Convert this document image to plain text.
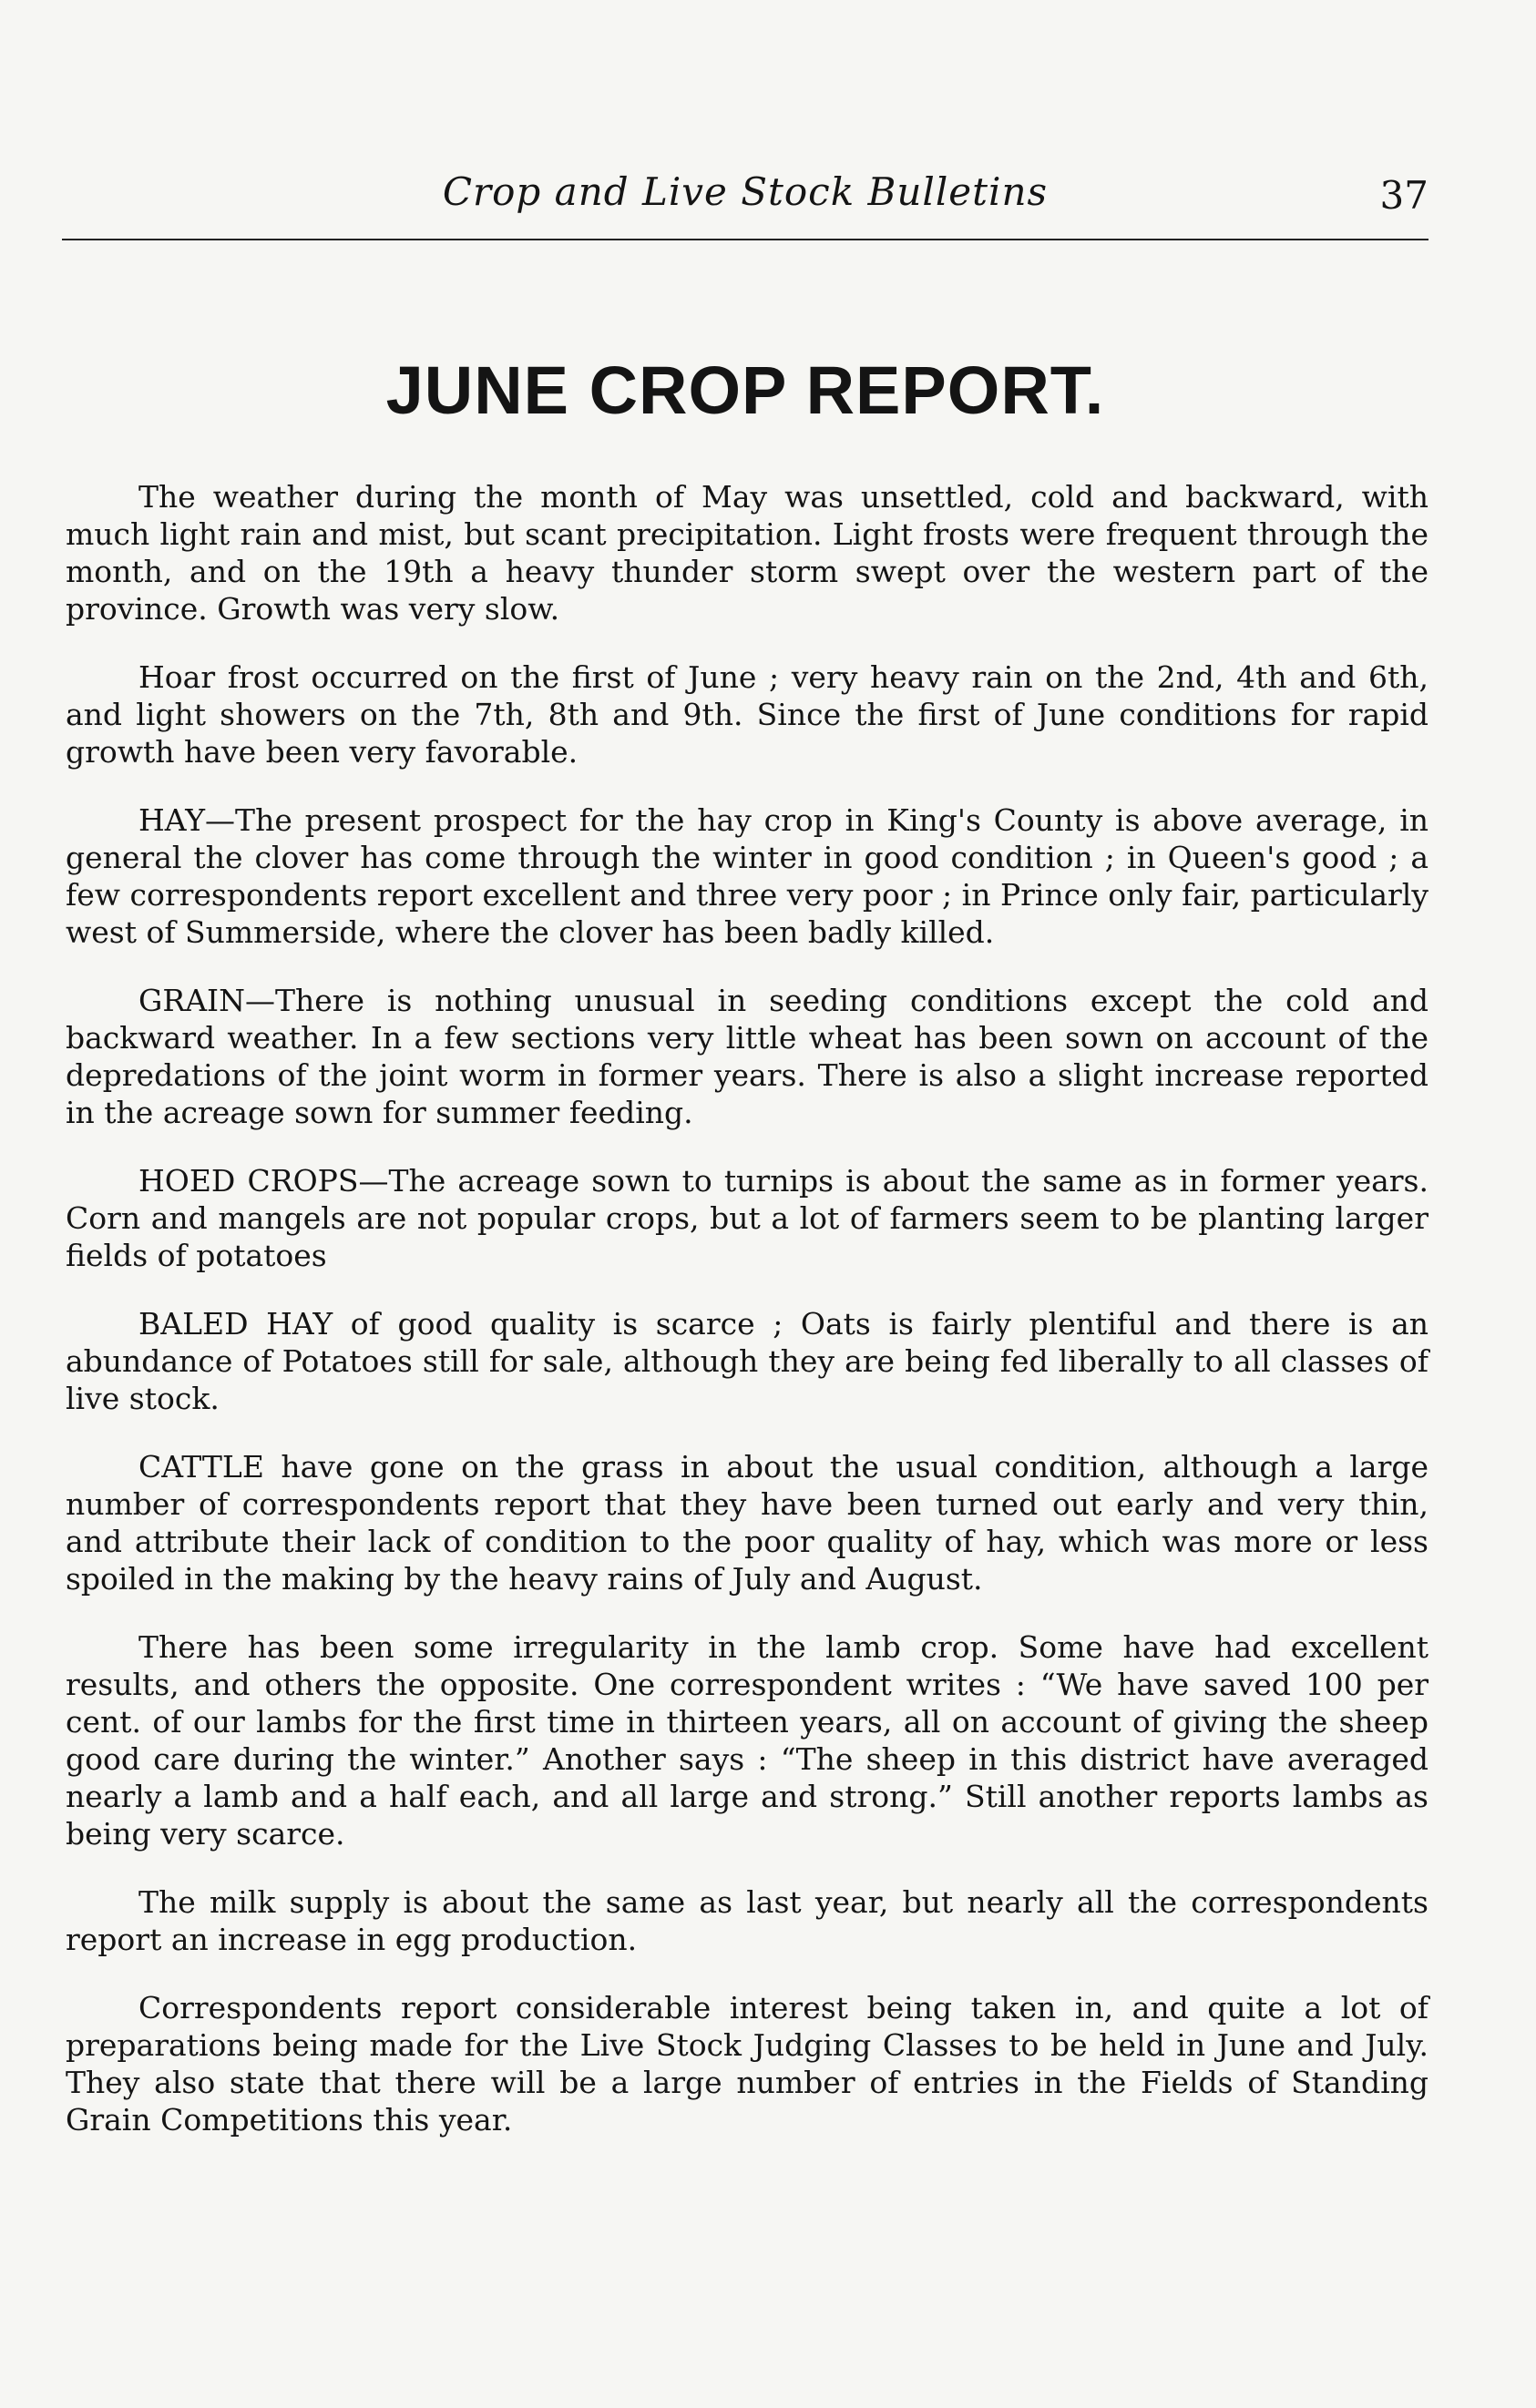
Crop and Live Stock Bulletins	37
JUNE CROP REPORT.

The weather during the month of May was unsettled, cold and backward, with much light rain and mist, but scant precipitation. Light frosts were frequent through the month, and on the 19th a heavy thunder storm swept over the western part of the province. Growth was very slow.

Hoar frost occurred on the first of June ; very heavy rain on the 2nd, 4th and 6th, and light showers on the 7th, 8th and 9th. Since the first of June conditions for rapid growth have been very favorable.

HAY—The present prospect for the hay crop in King's County is above average, in general the clover has come through the winter in good condition ; in Queen's good ; a few correspondents report excellent and three very poor ; in Prince only fair, particularly west of Summerside, where the clover has been badly killed.

GRAIN—There is nothing unusual in seeding conditions except the cold and backward weather. In a few sections very little wheat has been sown on account of the depredations of the joint worm in former years. There is also a slight increase reported in the acreage sown for summer feeding.

HOED CROPS—The acreage sown to turnips is about the same as in former years. Corn and mangels are not popular crops, but a lot of farmers seem to be planting larger fields of potatoes

BALED HAY of good quality is scarce ; Oats is fairly plentiful and there is an abundance of Potatoes still for sale, although they are being fed liberally to all classes of live stock.

CATTLE have gone on the grass in about the usual condition, although a large number of correspondents report that they have been turned out early and very thin, and attribute their lack of condition to the poor quality of hay, which was more or less spoiled in the making by the heavy rains of July and August.

There has been some irregularity in the lamb crop. Some have had excellent results, and others the opposite. One correspondent writes : “We have saved 100 per cent. of our lambs for the first time in thirteen years, all on account of giving the sheep good care during the winter.” Another says : “The sheep in this district have averaged nearly a lamb and a half each, and all large and strong.” Still another reports lambs as being very scarce.

The milk supply is about the same as last year, but nearly all the correspondents report an increase in egg production.

Correspondents report considerable interest being taken in, and quite a lot of preparations being made for the Live Stock Judging Classes to be held in June and July. They also state that there will be a large number of entries in the Fields of Standing Grain Competitions this year.
